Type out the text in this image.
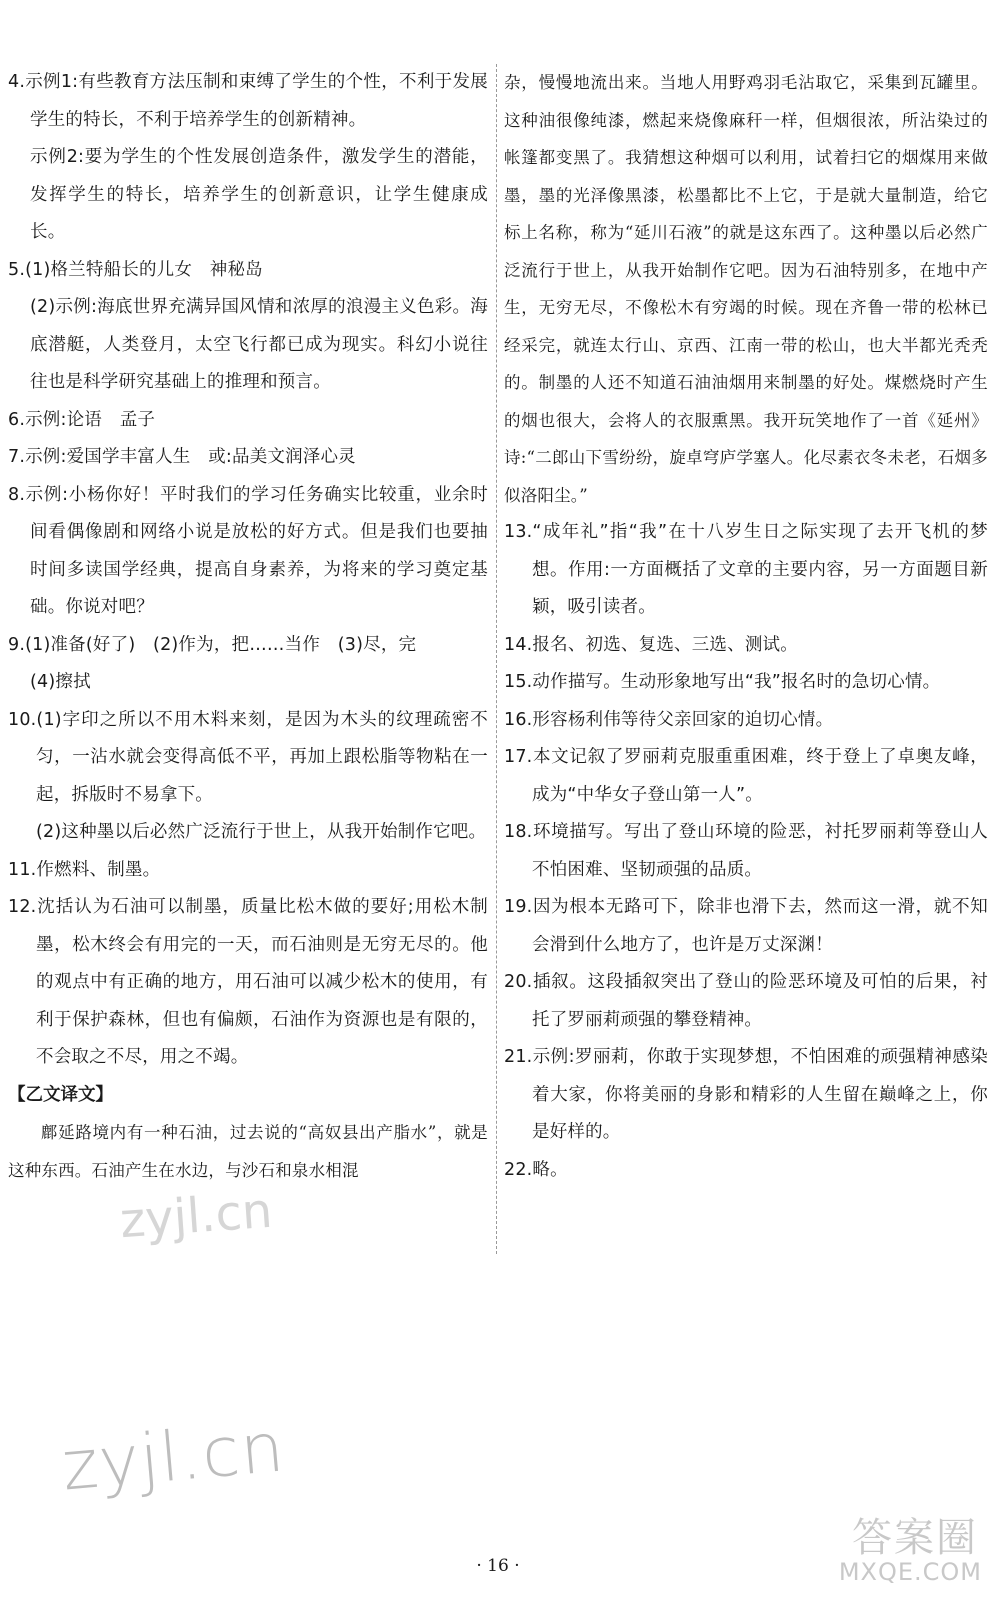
4.示例1:有些教育方法压制和束缚了学生的个性，不利于发展学生的特长，不利于培养学生的创新精神。

示例2:要为学生的个性发展创造条件，激发学生的潜能，发挥学生的特长，培养学生的创新意识，让学生健康成长。

5.(1)格兰特船长的儿女　神秘岛

(2)示例:海底世界充满异国风情和浓厚的浪漫主义色彩。海底潜艇，人类登月，太空飞行都已成为现实。科幻小说往往也是科学研究基础上的推理和预言。

6.示例:论语　孟子

7.示例:爱国学丰富人生　或:品美文润泽心灵

8.示例:小杨你好！平时我们的学习任务确实比较重，业余时间看偶像剧和网络小说是放松的好方式。但是我们也要抽时间多读国学经典，提高自身素养，为将来的学习奠定基础。你说对吧？

9.(1)准备(好了)　(2)作为，把……当作　(3)尽，完

(4)擦拭

10.(1)字印之所以不用木料来刻，是因为木头的纹理疏密不匀，一沾水就会变得高低不平，再加上跟松脂等物粘在一起，拆版时不易拿下。

(2)这种墨以后必然广泛流行于世上，从我开始制作它吧。

11.作燃料、制墨。

12.沈括认为石油可以制墨，质量比松木做的要好;用松木制墨，松木终会有用完的一天，而石油则是无穷无尽的。他的观点中有正确的地方，用石油可以减少松木的使用，有利于保护森林，但也有偏颇，石油作为资源也是有限的，不会取之不尽，用之不竭。

【乙文译文】

鄜延路境内有一种石油，过去说的“高奴县出产脂水”，就是这种东西。石油产生在水边，与沙石和泉水相混

杂，慢慢地流出来。当地人用野鸡羽毛沾取它，采集到瓦罐里。这种油很像纯漆，燃起来烧像麻秆一样，但烟很浓，所沾染过的帐篷都变黑了。我猜想这种烟可以利用，试着扫它的烟煤用来做墨，墨的光泽像黑漆，松墨都比不上它，于是就大量制造，给它标上名称，称为“延川石液”的就是这东西了。这种墨以后必然广泛流行于世上，从我开始制作它吧。因为石油特别多，在地中产生，无穷无尽，不像松木有穷竭的时候。现在齐鲁一带的松林已经采完，就连太行山、京西、江南一带的松山，也大半都光秃秃的。制墨的人还不知道石油油烟用来制墨的好处。煤燃烧时产生的烟也很大，会将人的衣服熏黑。我开玩笑地作了一首《延州》诗:“二郎山下雪纷纷，旋卓穹庐学塞人。化尽素衣冬未老，石烟多似洛阳尘。”

13.“成年礼”指“我”在十八岁生日之际实现了去开飞机的梦想。作用:一方面概括了文章的主要内容，另一方面题目新颖，吸引读者。

14.报名、初选、复选、三选、测试。

15.动作描写。生动形象地写出“我”报名时的急切心情。

16.形容杨利伟等待父亲回家的迫切心情。

17.本文记叙了罗丽莉克服重重困难，终于登上了卓奥友峰，成为“中华女子登山第一人”。

18.环境描写。写出了登山环境的险恶，衬托罗丽莉等登山人不怕困难、坚韧顽强的品质。

19.因为根本无路可下，除非也滑下去，然而这一滑，就不知会滑到什么地方了，也许是万丈深渊！

20.插叙。这段插叙突出了登山的险恶环境及可怕的后果，衬托了罗丽莉顽强的攀登精神。

21.示例:罗丽莉，你敢于实现梦想，不怕困难的顽强精神感染着大家，你将美丽的身影和精彩的人生留在巅峰之上，你是好样的。

22.略。

zyjl.cn
zyjl.cn
答案圈
MXQE.COM
· 16 ·
